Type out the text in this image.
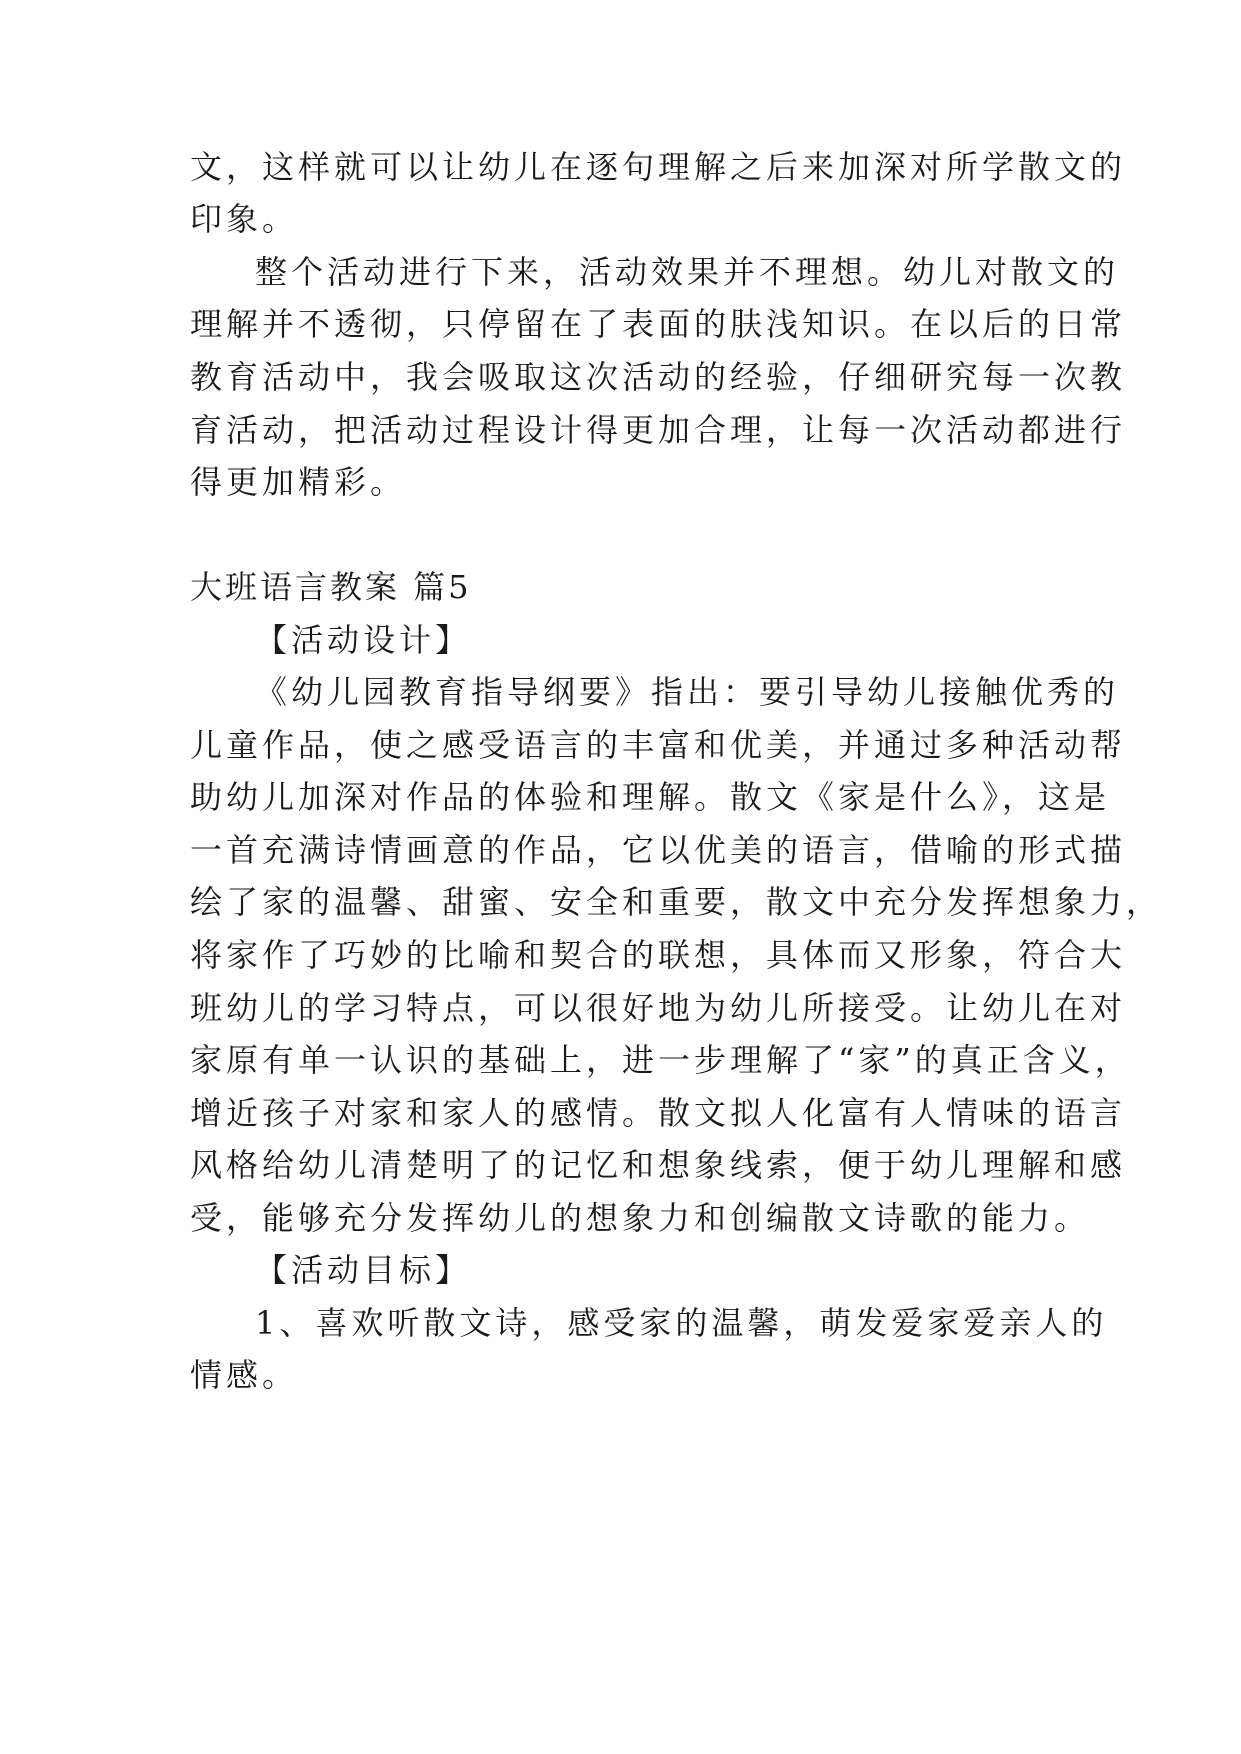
文，这样就可以让幼儿在逐句理解之后来加深对所学散文的
印象。
整个活动进行下来，活动效果并不理想。幼儿对散文的
理解并不透彻，只停留在了表面的肤浅知识。在以后的日常
教育活动中，我会吸取这次活动的经验，仔细研究每一次教
育活动，把活动过程设计得更加合理，让每一次活动都进行
得更加精彩。
大班语言教案 篇5
【活动设计】
《幼儿园教育指导纲要》指出：要引导幼儿接触优秀的
儿童作品，使之感受语言的丰富和优美，并通过多种活动帮
助幼儿加深对作品的体验和理解。散文《家是什么》，这是
一首充满诗情画意的作品，它以优美的语言，借喻的形式描
绘了家的温馨、甜蜜、安全和重要，散文中充分发挥想象力，
将家作了巧妙的比喻和契合的联想，具体而又形象，符合大
班幼儿的学习特点，可以很好地为幼儿所接受。让幼儿在对
家原有单一认识的基础上，进一步理解了“家”的真正含义，
增近孩子对家和家人的感情。散文拟人化富有人情味的语言
风格给幼儿清楚明了的记忆和想象线索，便于幼儿理解和感
受，能够充分发挥幼儿的想象力和创编散文诗歌的能力。
【活动目标】
1、喜欢听散文诗，感受家的温馨，萌发爱家爱亲人的
情感。
